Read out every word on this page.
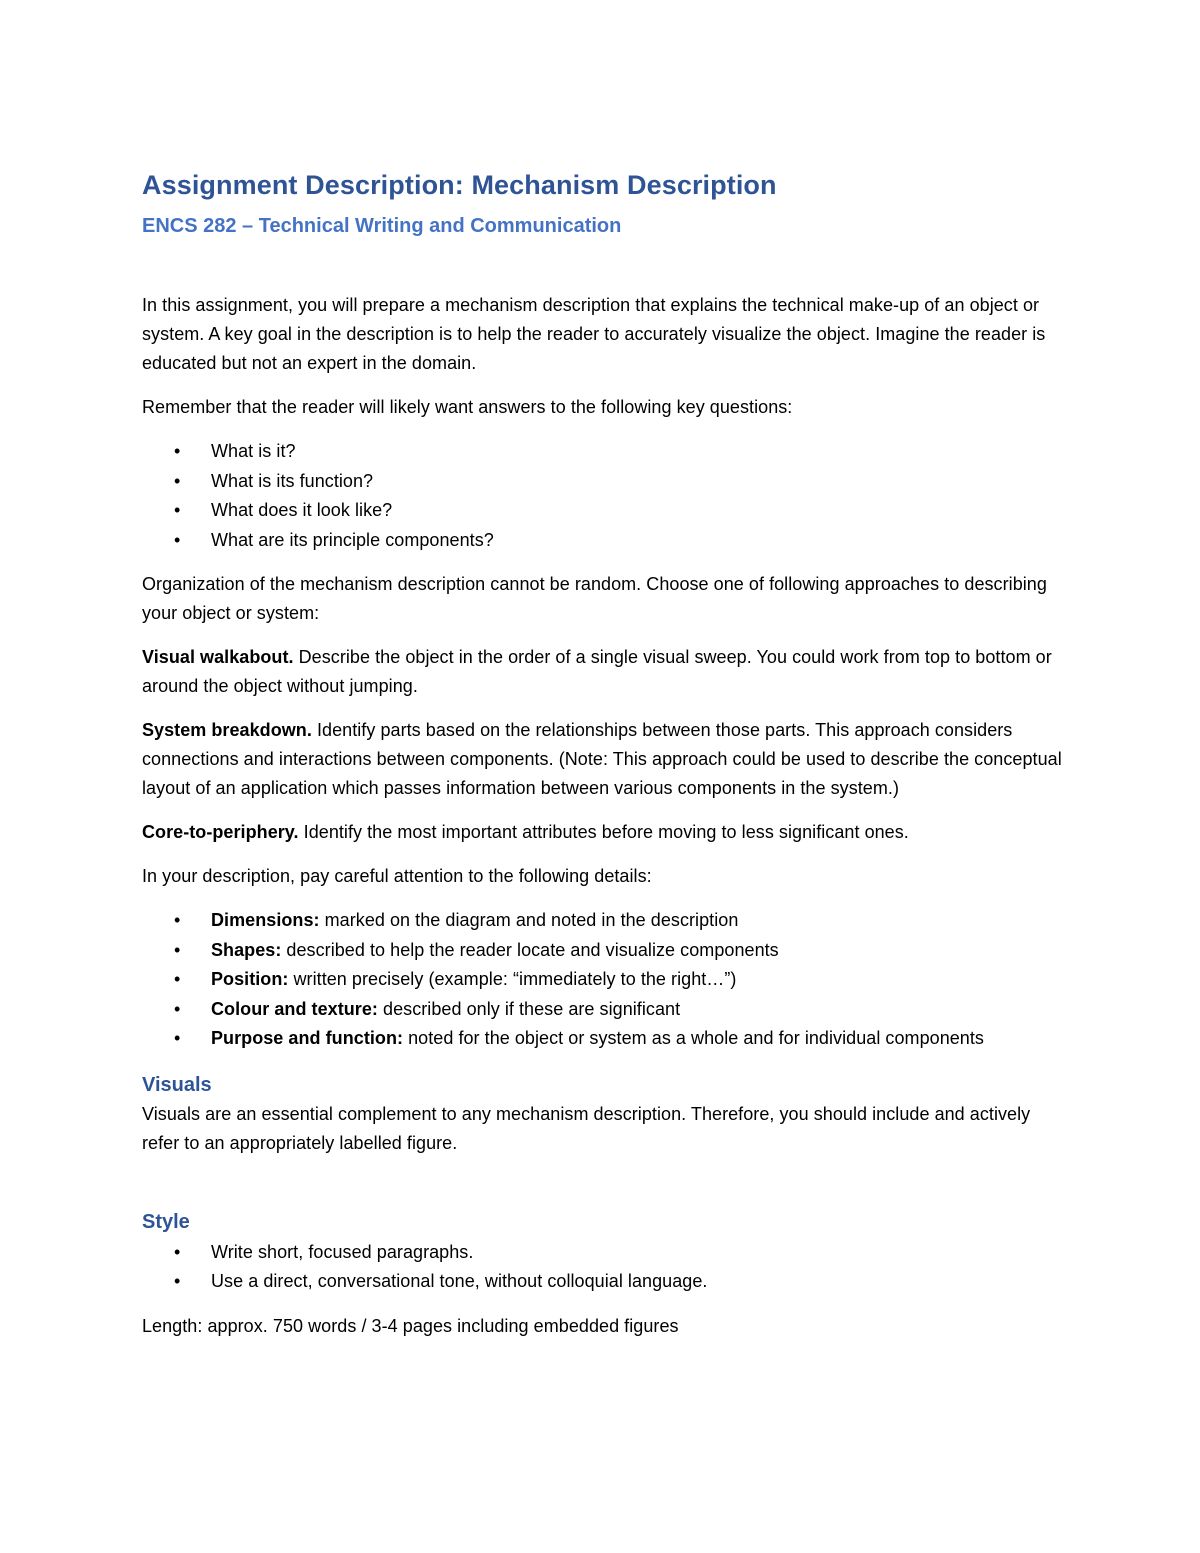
Assignment Description: Mechanism Description
ENCS 282 – Technical Writing and Communication

In this assignment, you will prepare a mechanism description that explains the technical make-up of an object or system. A key goal in the description is to help the reader to accurately visualize the object. Imagine the reader is educated but not an expert in the domain.

Remember that the reader will likely want answers to the following key questions:

• What is it?
• What is its function?
• What does it look like?
• What are its principle components?

Organization of the mechanism description cannot be random. Choose one of following approaches to describing your object or system:

Visual walkabout. Describe the object in the order of a single visual sweep. You could work from top to bottom or around the object without jumping.

System breakdown. Identify parts based on the relationships between those parts. This approach considers connections and interactions between components. (Note: This approach could be used to describe the conceptual layout of an application which passes information between various components in the system.)

Core-to-periphery. Identify the most important attributes before moving to less significant ones.

In your description, pay careful attention to the following details:

• Dimensions: marked on the diagram and noted in the description
• Shapes: described to help the reader locate and visualize components
• Position: written precisely (example: “immediately to the right…”)
• Colour and texture: described only if these are significant
• Purpose and function: noted for the object or system as a whole and for individual components
Visuals

Visuals are an essential complement to any mechanism description. Therefore, you should include and actively refer to an appropriately labelled figure.

Style
• Write short, focused paragraphs.
• Use a direct, conversational tone, without colloquial language.

Length: approx. 750 words / 3-4 pages including embedded figures
